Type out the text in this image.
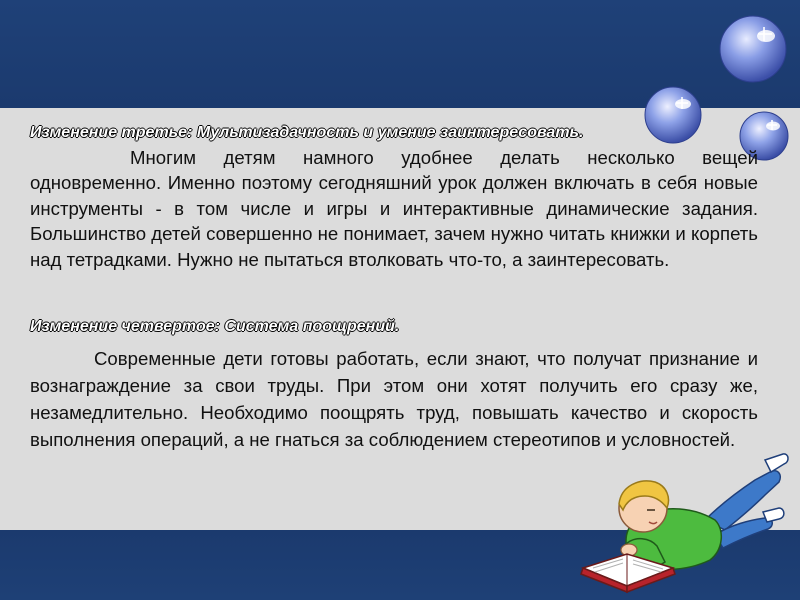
Изменение третье: Мультизадачность и умение заинтересовать.
Многим детям намного удобнее делать несколько вещей одновременно. Именно поэтому сегодняшний урок должен включать в себя новые инструменты - в том числе и игры и интерактивные динамические задания. Большинство детей совершенно не понимает, зачем нужно читать книжки и корпеть над тетрадками. Нужно не пытаться втолковать что-то, а заинтересовать.
Изменение четвертое: Система поощрений.
Современные дети готовы работать, если знают, что получат признание и вознаграждение за свои труды. При этом они хотят получить его сразу же, незамедлительно. Необходимо поощрять труд, повышать качество и скорость выполнения операций, а не гнаться за соблюдением стереотипов и условностей.
